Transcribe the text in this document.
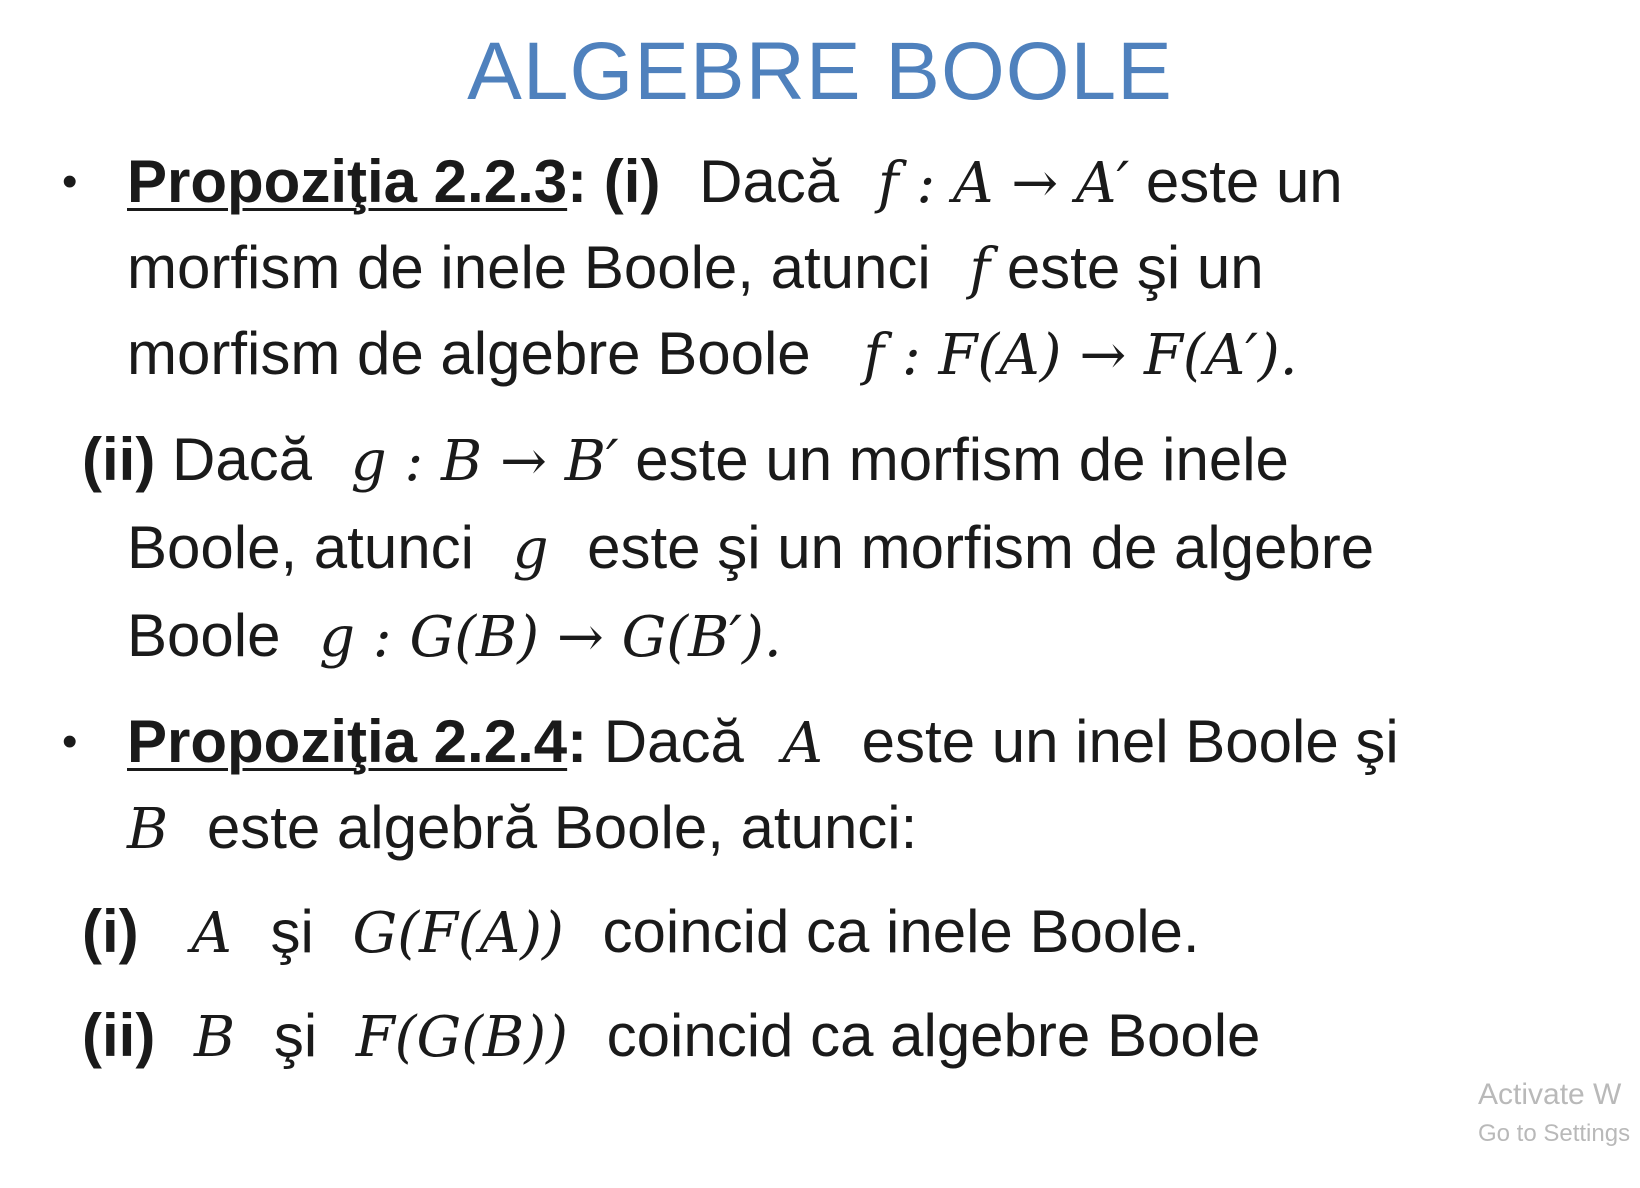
ALGEBRE BOOLE
• Propoziţia 2.2.3: (i) Dacă f : A → A′ este un
morfism de inele Boole, atunci f este şi un
morfism de algebre Boole f : F(A) → F(A′).
(ii) Dacă g : B → B′ este un morfism de inele
Boole, atunci g este şi un morfism de algebre
Boole g : G(B) → G(B′).
• Propoziţia 2.2.4: Dacă A este un inel Boole şi
B este algebră Boole, atunci:
(i) A şi G(F(A)) coincid ca inele Boole.
(ii) B şi F(G(B)) coincid ca algebre Boole
Activate W
Go to Settings
